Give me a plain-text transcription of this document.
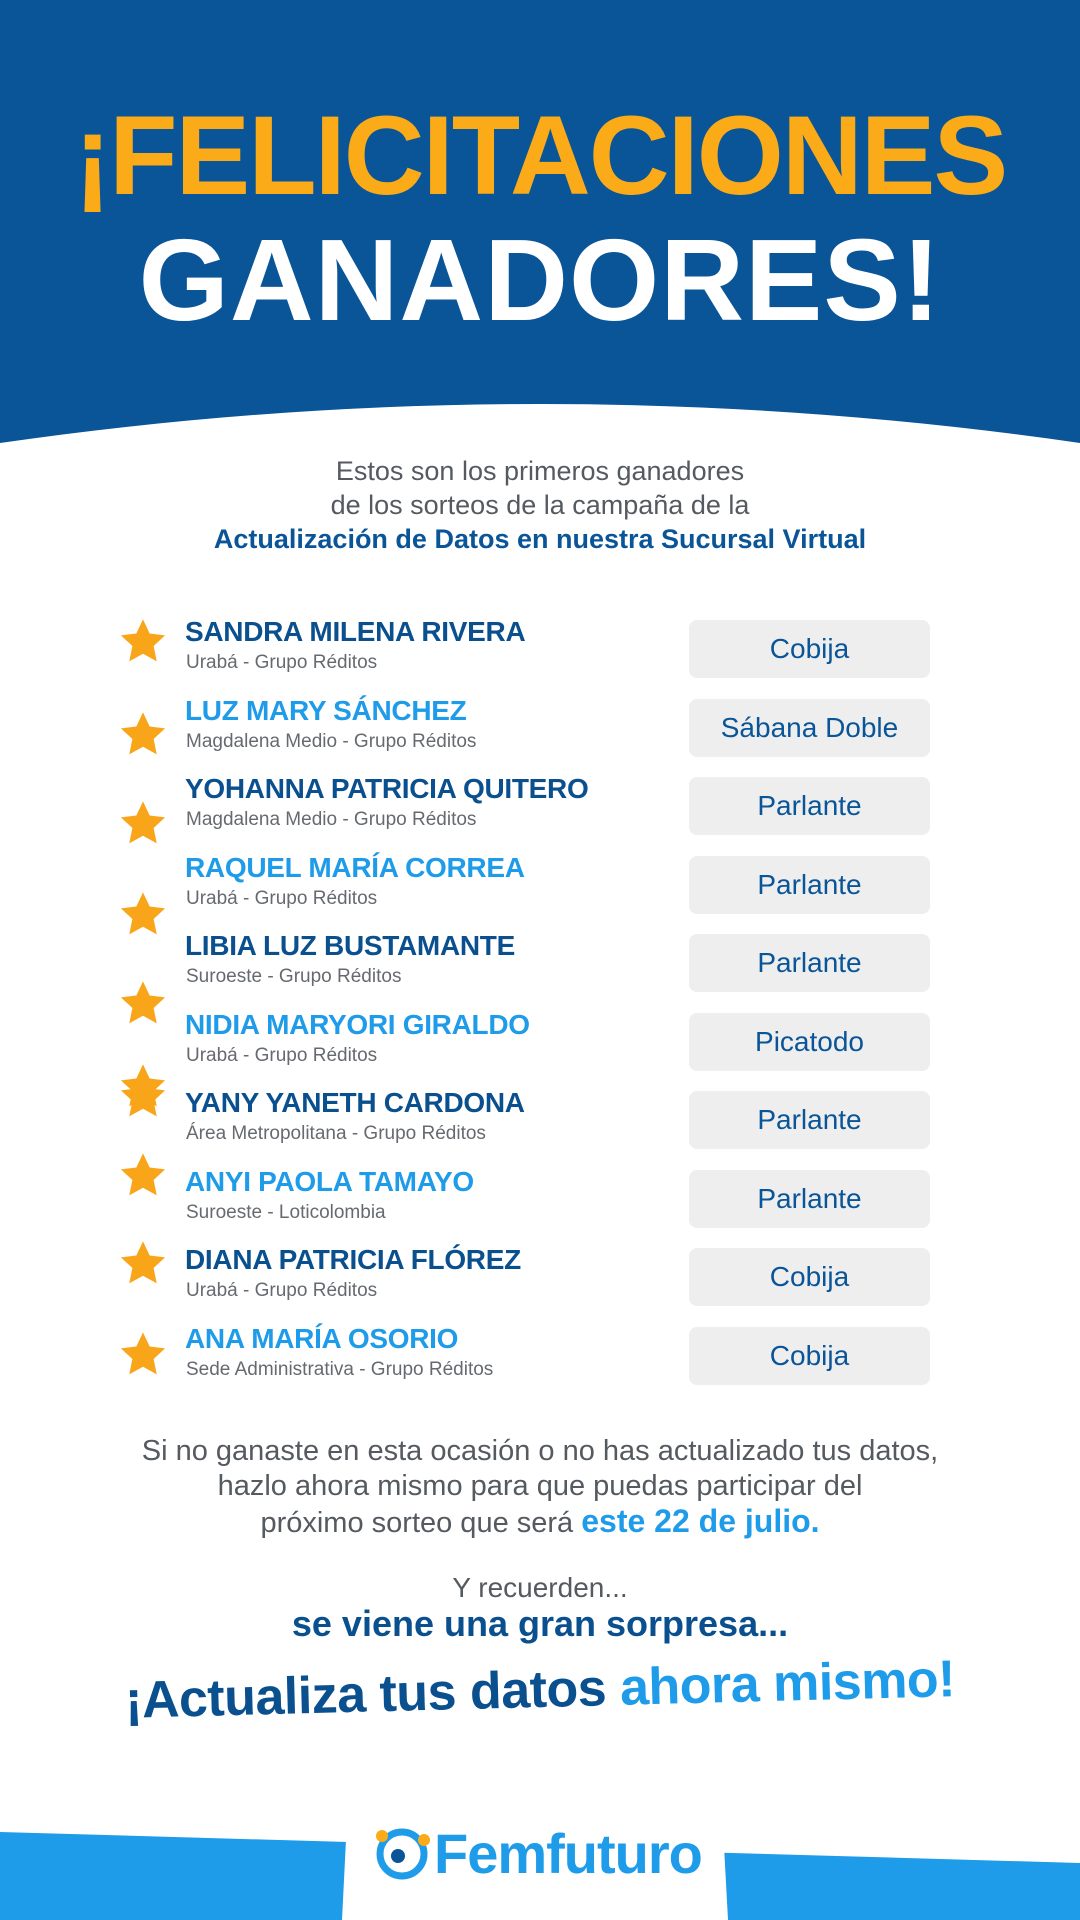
¡FELICITACIONES
GANADORES!
Estos son los primeros ganadores
de los sorteos de la campaña de la
Actualización de Datos en nuestra Sucursal Virtual
SANDRA MILENA RIVERA
Urabá - Grupo Réditos	Cobija
LUZ MARY SÁNCHEZ
Magdalena Medio - Grupo Réditos	Sábana Doble
YOHANNA PATRICIA QUITERO
Magdalena Medio - Grupo Réditos	Parlante
RAQUEL MARÍA CORREA
Urabá - Grupo Réditos	Parlante
LIBIA LUZ BUSTAMANTE
Suroeste - Grupo Réditos	Parlante
NIDIA MARYORI GIRALDO
Urabá - Grupo Réditos	Picatodo
YANY YANETH CARDONA
Área Metropolitana - Grupo Réditos	Parlante
ANYI PAOLA TAMAYO
Suroeste - Loticolombia	Parlante
DIANA PATRICIA FLÓREZ
Urabá - Grupo Réditos	Cobija
ANA MARÍA OSORIO
Sede Administrativa - Grupo Réditos	Cobija
Si no ganaste en esta ocasión o no has actualizado tus datos,
hazlo ahora mismo para que puedas participar del
próximo sorteo que será este 22 de julio.
Y recuerden...
se viene una gran sorpresa...
¡Actualiza tus datos ahora mismo!
Femfuturo
